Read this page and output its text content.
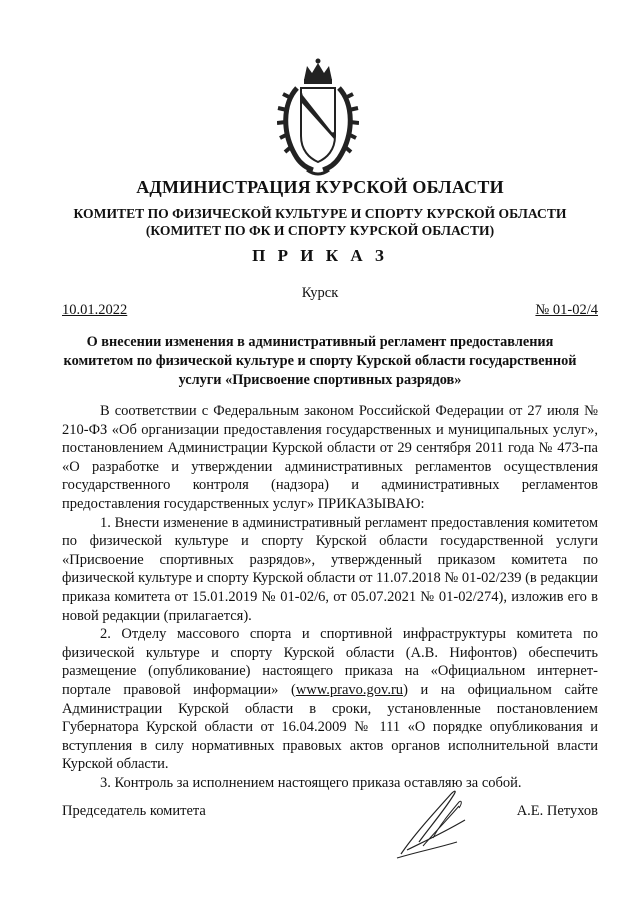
АДМИНИСТРАЦИЯ КУРСКОЙ ОБЛАСТИ
КОМИТЕТ ПО ФИЗИЧЕСКОЙ КУЛЬТУРЕ И СПОРТУ КУРСКОЙ ОБЛАСТИ
(КОМИТЕТ ПО ФК И СПОРТУ КУРСКОЙ ОБЛАСТИ)
П Р И К А З
Курск
10.01.2022	№ 01-02/4
О внесении изменения в административный регламент предоставления
комитетом по физической культуре и спорту Курской области государственной
услуги «Присвоение спортивных разрядов»

В соответствии с Федеральным законом Российской Федерации от 27 июля № 210-ФЗ «Об организации предоставления государственных и муниципальных услуг», постановлением Администрации Курской области от 29 сентября 2011 года № 473-па «О разработке и утверждении административных регламентов осуществления государственного контроля (надзора) и административных регламентов предоставления государственных услуг» ПРИКАЗЫВАЮ:

1. Внести изменение в административный регламент предоставления комитетом по физической культуре и спорту Курской области государственной услуги «Присвоение спортивных разрядов», утвержденный приказом комитета по физической культуре и спорту Курской области от 11.07.2018 № 01-02/239 (в редакции приказа комитета от 15.01.2019 № 01-02/6, от 05.07.2021 № 01-02/274), изложив его в новой редакции (прилагается).

2. Отделу массового спорта и спортивной инфраструктуры комитета по физической культуре и спорту Курской области (А.В. Нифонтов) обеспечить размещение (опубликование) настоящего приказа на «Официальном интернет-портале правовой информации» (www.pravo.gov.ru) и на официальном сайте Администрации Курской области в сроки, установленные постановлением Губернатора Курской области от 16.04.2009 № 111 «О порядке опубликования и вступления в силу нормативных правовых актов органов исполнительной власти Курской области.

3. Контроль за исполнением настоящего приказа оставляю за собой.

Председатель комитета	А.Е. Петухов
